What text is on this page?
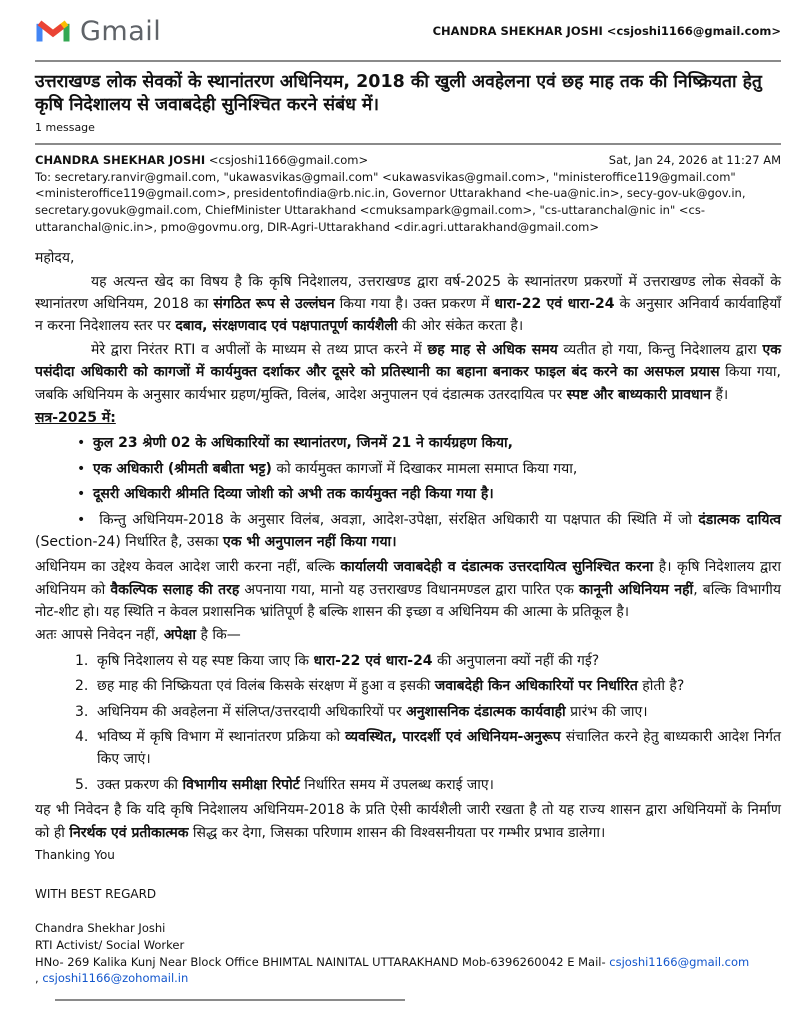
Gmail	CHANDRA SHEKHAR JOSHI <csjoshi1166@gmail.com>
उत्तराखण्ड लोक सेवकों के स्थानांतरण अधिनियम, 2018 की खुली अवहेलना एवं छह माह तक की निष्क्रियता हेतु कृषि निदेशालय से जवाबदेही सुनिश्चित करने संबंध में।
1 message
CHANDRA SHEKHAR JOSHI <csjoshi1166@gmail.com>	Sat, Jan 24, 2026 at 11:27 AM
To: secretary.ranvir@gmail.com, "ukawasvikas@gmail.com" <ukawasvikas@gmail.com>, "ministeroffice119@gmail.com" <ministeroffice119@gmail.com>, presidentofindia@rb.nic.in, Governor Uttarakhand <he-ua@nic.in>, secy-gov-uk@gov.in, secretary.govuk@gmail.com, ChiefMinister Uttarakhand <cmuksampark@gmail.com>, "cs-uttaranchal@nic in" <cs-uttaranchal@nic.in>, pmo@govmu.org, DIR-Agri-Uttarakhand <dir.agri.uttarakhand@gmail.com>
महोदय,
यह अत्यन्त खेद का विषय है कि कृषि निदेशालय, उत्तराखण्ड द्वारा वर्ष-2025 के स्थानांतरण प्रकरणों में उत्तराखण्ड लोक सेवकों के स्थानांतरण अधिनियम, 2018 का संगठित रूप से उल्लंघन किया गया है। उक्त प्रकरण में धारा-22 एवं धारा-24 के अनुसार अनिवार्य कार्यवाहियाँ न करना निदेशालय स्तर पर दबाव, संरक्षणवाद एवं पक्षपातपूर्ण कार्यशैली की ओर संकेत करता है।
मेरे द्वारा निरंतर RTI व अपीलों के माध्यम से तथ्य प्राप्त करने में छह माह से अधिक समय व्यतीत हो गया, किन्तु निदेशालय द्वारा एक पसंदीदा अधिकारी को कागजों में कार्यमुक्त दर्शाकर और दूसरे को प्रतिस्थानी का बहाना बनाकर फाइल बंद करने का असफल प्रयास किया गया, जबकि अधिनियम के अनुसार कार्यभार ग्रहण/मुक्ति, विलंब, आदेश अनुपालन एवं दंडात्मक उतरदायित्व पर स्पष्ट और बाध्यकारी प्रावधान हैं।
सत्र-2025 में:
• कुल 23 श्रेणी 02 के अधिकारियों का स्थानांतरण, जिनमें 21 ने कार्यग्रहण किया,
• एक अधिकारी (श्रीमती बबीता भट्ट) को कार्यमुक्त कागजों में दिखाकर मामला समाप्त किया गया,
• दूसरी अधिकारी श्रीमति दिव्या जोशी को अभी तक कार्यमुक्त नही किया गया है।
• किन्तु अधिनियम-2018 के अनुसार विलंब, अवज्ञा, आदेश-उपेक्षा, संरक्षित अधिकारी या पक्षपात की स्थिति में जो दंडात्मक दायित्व (Section-24) निर्धारित है, उसका एक भी अनुपालन नहीं किया गया।
अधिनियम का उद्देश्य केवल आदेश जारी करना नहीं, बल्कि कार्यालयी जवाबदेही व दंडात्मक उत्तरदायित्व सुनिश्चित करना है। कृषि निदेशालय द्वारा अधिनियम को वैकल्पिक सलाह की तरह अपनाया गया, मानो यह उत्तराखण्ड विधानमण्डल द्वारा पारित एक कानूनी अधिनियम नहीं, बल्कि विभागीय नोट-शीट हो। यह स्थिति न केवल प्रशासनिक भ्रांतिपूर्ण है बल्कि शासन की इच्छा व अधिनियम की आत्मा के प्रतिकूल है।
अतः आपसे निवेदन नहीं, अपेक्षा है कि—
1. कृषि निदेशालय से यह स्पष्ट किया जाए कि धारा-22 एवं धारा-24 की अनुपालना क्यों नहीं की गई?
2. छह माह की निष्क्रियता एवं विलंब किसके संरक्षण में हुआ व इसकी जवाबदेही किन अधिकारियों पर निर्धारित होती है?
3. अधिनियम की अवहेलना में संलिप्त/उत्तरदायी अधिकारियों पर अनुशासनिक दंडात्मक कार्यवाही प्रारंभ की जाए।
4. भविष्य में कृषि विभाग में स्थानांतरण प्रक्रिया को व्यवस्थित, पारदर्शी एवं अधिनियम-अनुरूप संचालित करने हेतु बाध्यकारी आदेश निर्गत किए जाएं।
5. उक्त प्रकरण की विभागीय समीक्षा रिपोर्ट निर्धारित समय में उपलब्ध कराई जाए।
यह भी निवेदन है कि यदि कृषि निदेशालय अधिनियम-2018 के प्रति ऐसी कार्यशैली जारी रखता है तो यह राज्य शासन द्वारा अधिनियमों के निर्माण को ही निरर्थक एवं प्रतीकात्मक सिद्ध कर देगा, जिसका परिणाम शासन की विश्वसनीयता पर गम्भीर प्रभाव डालेगा।
Thanking You
WITH BEST REGARD
Chandra Shekhar Joshi
RTI Activist/ Social Worker
HNo- 269 Kalika Kunj Near Block Office BHIMTAL NAINITAL UTTARAKHAND Mob-6396260042 E Mail- csjoshi1166@gmail.com
, csjoshi1166@zohomail.in
